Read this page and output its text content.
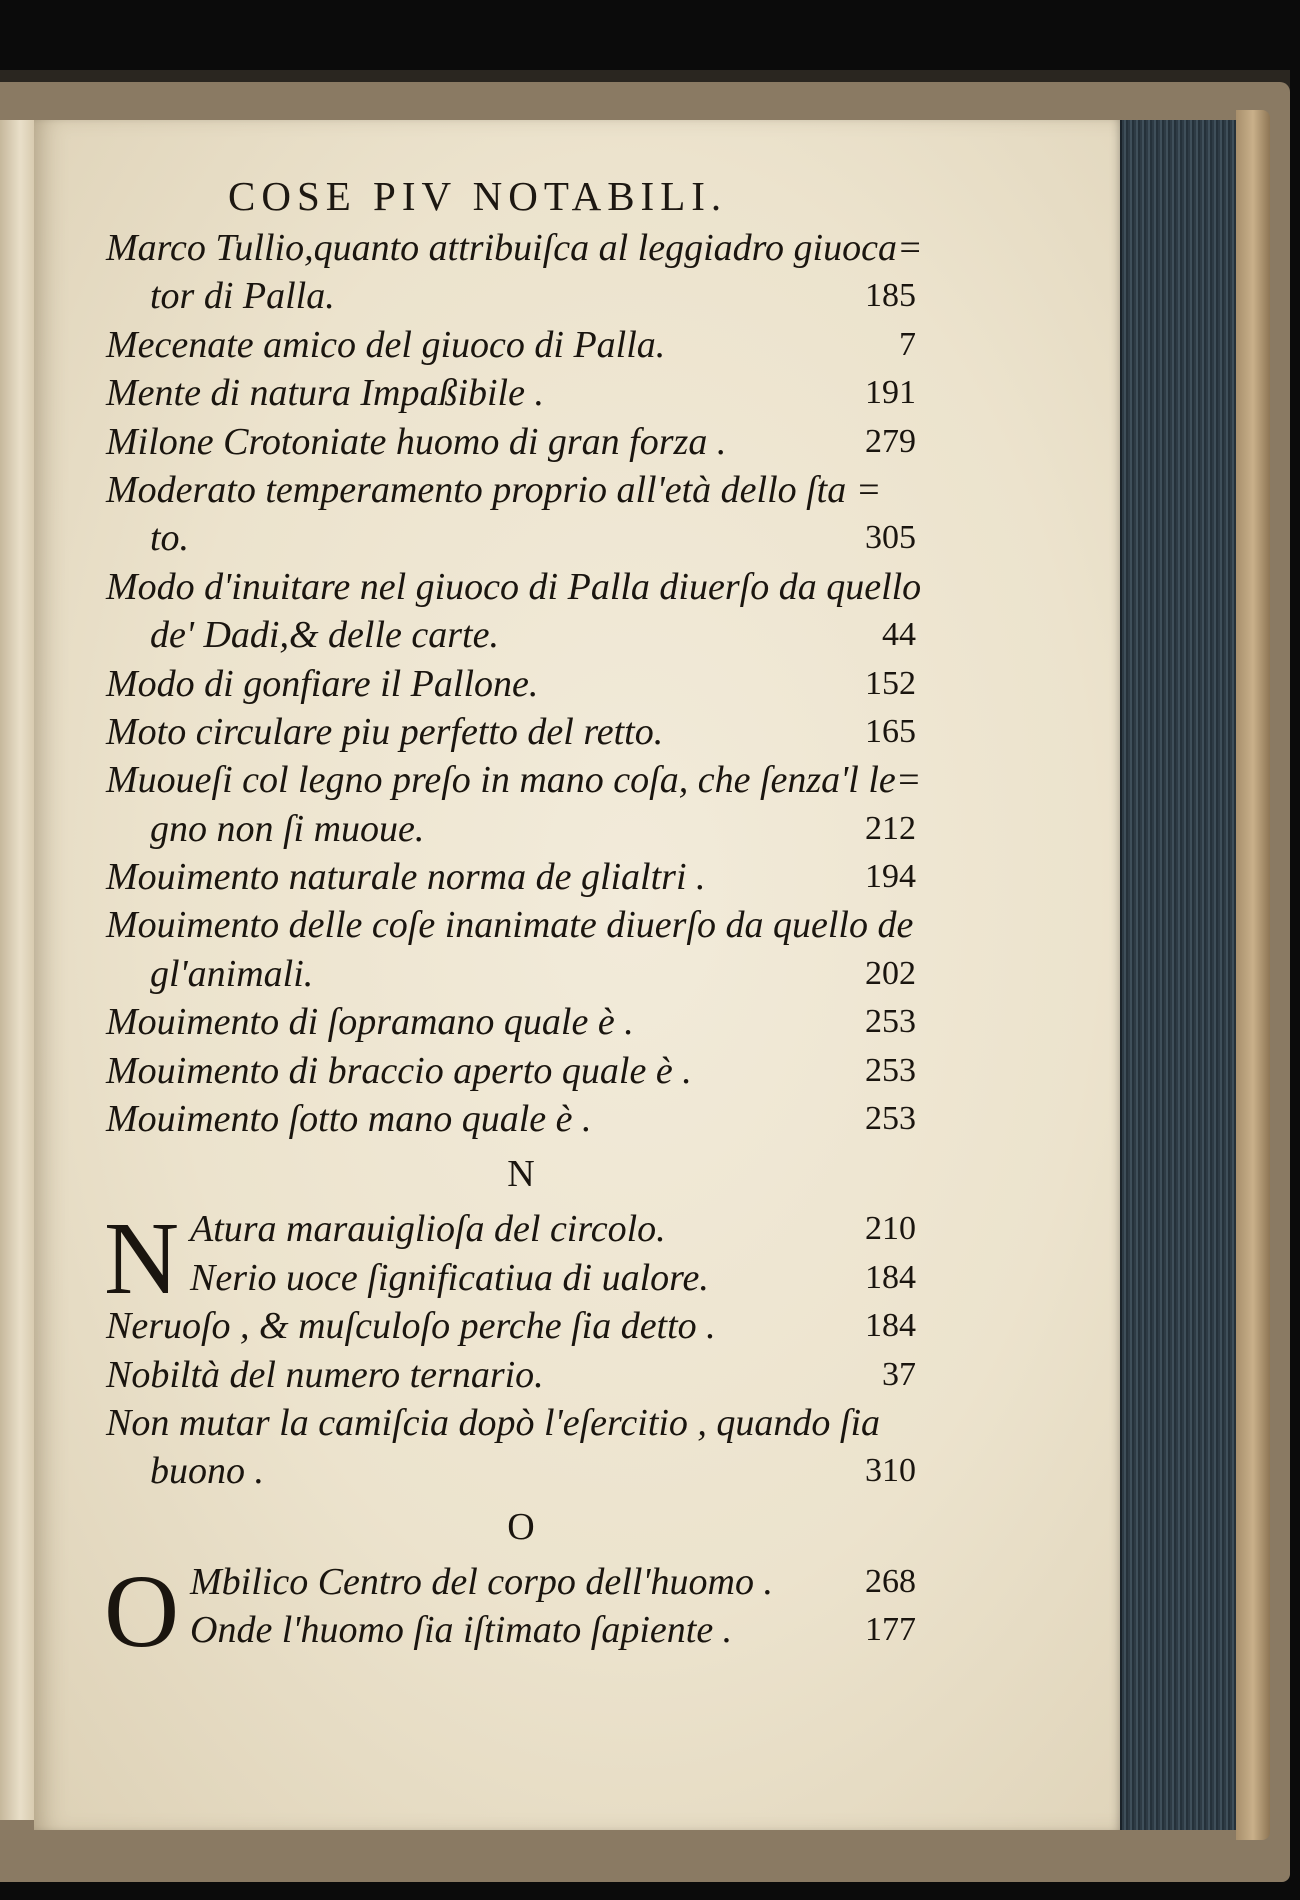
COSE PIV NOTABILI.
Marco Tullio,quanto attribuiſca al leggiadro giuoca=
tor di Palla.	185
Mecenate amico del giuoco di Palla.	7
Mente di natura Impaßibile .	191
Milone Crotoniate huomo di gran forza .	279
Moderato temperamento proprio all'età dello ſta =
to.	305
Modo d'inuitare nel giuoco di Palla diuerſo da quello
de' Dadi,& delle carte.	44
Modo di gonfiare il Pallone.	152
Moto circulare piu perfetto del retto.	165
Muoueſi col legno preſo in mano coſa, che ſenza'l le=
gno non ſi muoue.	212
Mouimento naturale norma de glialtri .	194
Mouimento delle coſe inanimate diuerſo da quello de
gl'animali.	202
Mouimento di ſopramano quale è .	253
Mouimento di braccio aperto quale è .	253
Mouimento ſotto mano quale è .	253
N
N Atura marauiglioſa del circolo.	210
Nerio uoce ſignificatiua di ualore.	184
Neruoſo , & muſculoſo perche ſia detto .	184
Nobiltà del numero ternario.	37
Non mutar la camiſcia dopò l'eſercitio , quando ſia
buono .	310
O
O Mbilico Centro del corpo dell'huomo .	268
Onde l'huomo ſia iſtimato ſapiente .	177
